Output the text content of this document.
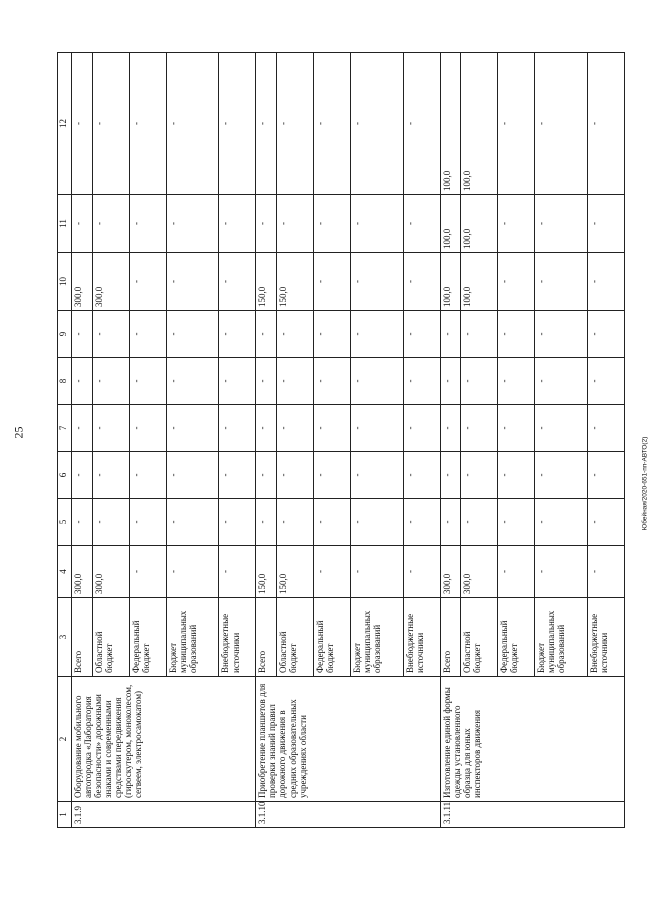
25
Юбейная/2020-651-пп-АВТО(2)
1	2	3	4	5	6	7	8	9	10	11	12
3.1.9	Оборудование мобильного автогородка «Лаборатория безопасности» дорожными знаками и современными средствами передвижения (гироскутером, моноколесом, сегвеем, электросамокатом)	Всего	300,0	-	-	-	-	-	300,0	-	-
		Областной бюджет	300,0	-	-	-	-	-	300,0	-	-
		Федеральный бюджет	-	-	-	-	-	-	-	-	-
		Бюджет муниципальных образований	-	-	-	-	-	-	-	-	-
		Внебюджетные источники	-	-	-	-	-	-	-	-	-
3.1.10	Приобретение планшетов для проверки знаний правил дорожного движения в средних образовательных учреждениях области	Всего	150,0	-	-	-	-	-	150,0	-	-
		Областной бюджет	150,0	-	-	-	-	-	150,0	-	-
		Федеральный бюджет	-	-	-	-	-	-	-	-	-
		Бюджет муниципальных образований	-	-	-	-	-	-	-	-	-
		Внебюджетные источники	-	-	-	-	-	-	-	-	-
3.1.11	Изготовление единой формы одежды установленного образца для юных инспекторов движения	Всего	300,0	-	-	-	-	-	100,0	100,0	100,0
		Областной бюджет	300,0	-	-	-	-	-	100,0	100,0	100,0
		Федеральный бюджет	-	-	-	-	-	-	-	-	-
		Бюджет муниципальных образований	-	-	-	-	-	-	-	-	-
		Внебюджетные источники	-	-	-	-	-	-	-	-	-
